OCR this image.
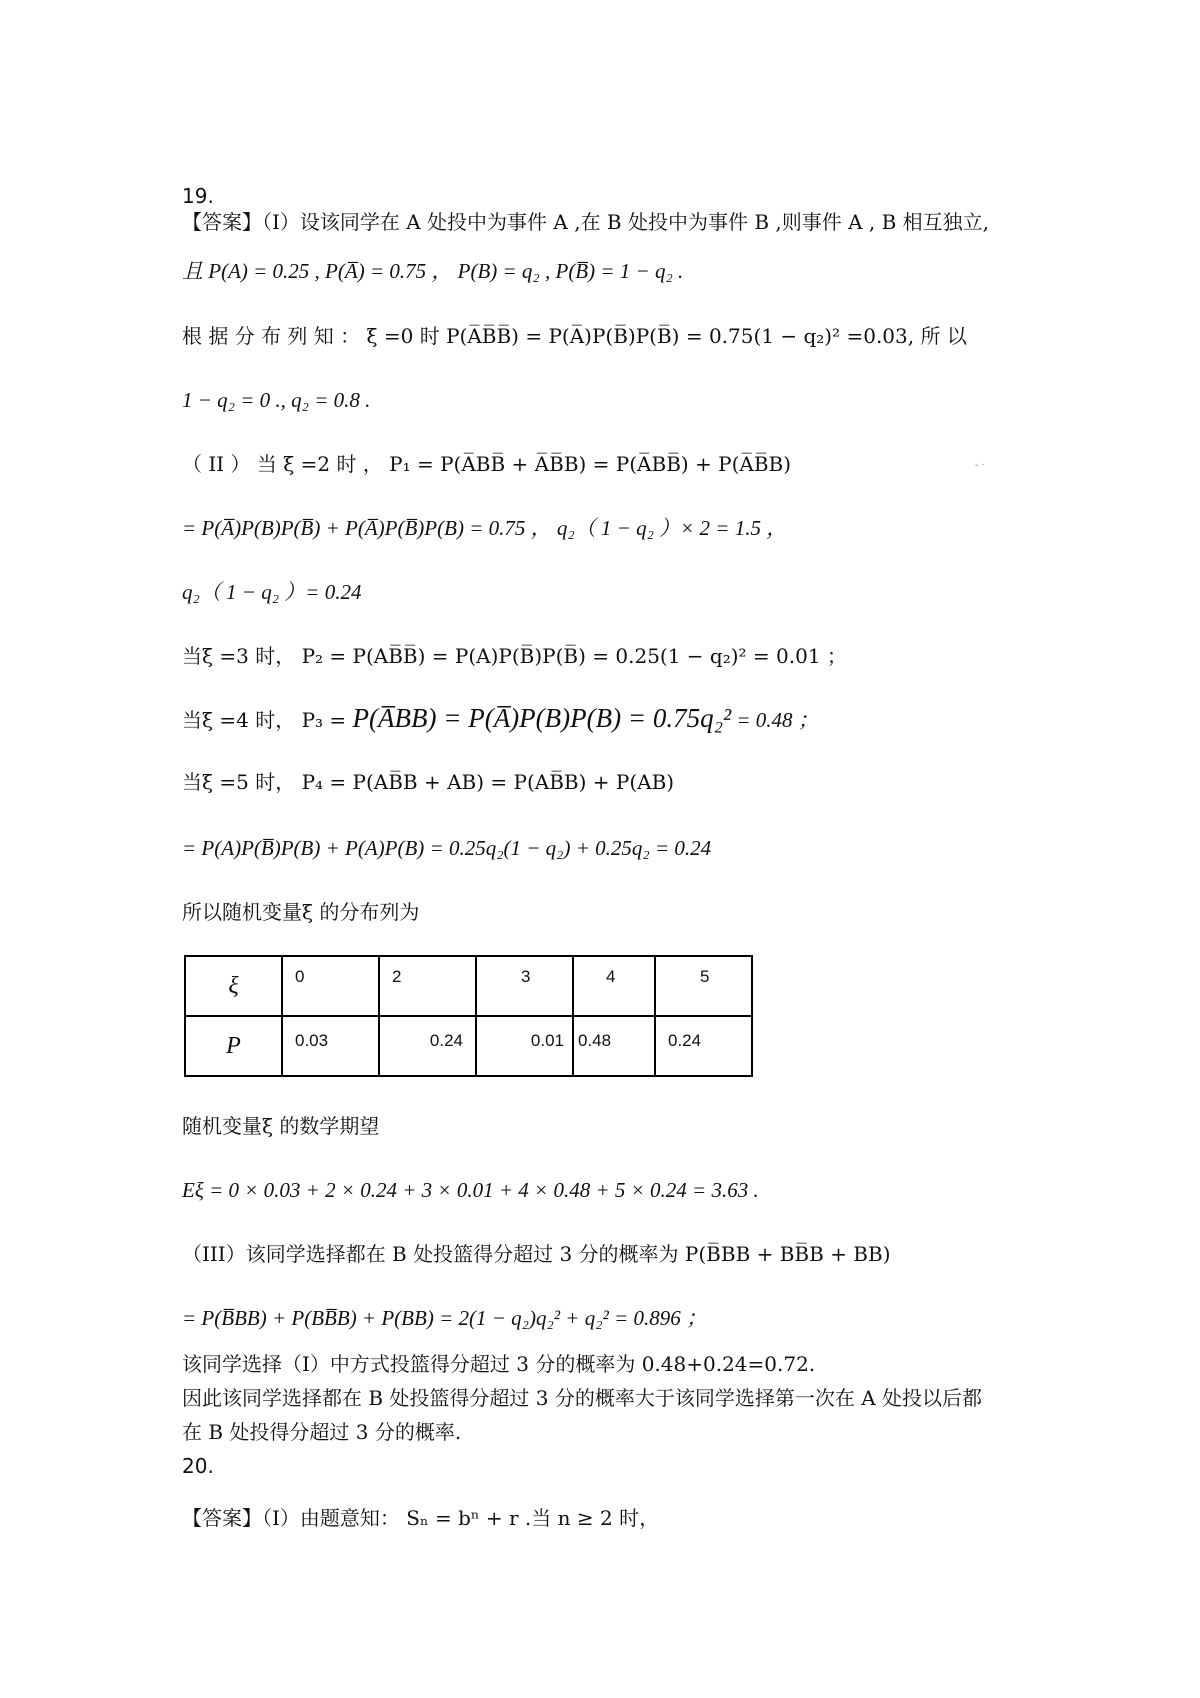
19.
【答案】（I）设该同学在 A 处投中为事件 A ,在 B 处投中为事件 B ,则事件 A , B 相互独立,
且 P(A) = 0.25 , P(A̅) = 0.75 ， P(B) = q₂ , P(B̅) = 1 − q₂ .
根 据 分 布 列 知 ： ξ =0 时 P(A̅B̅B̅) = P(A̅)P(B̅)P(B̅) = 0.75(1 − q₂)² =0.03, 所 以
1 − q₂ = 0 ., q₂ = 0.8 .
（ II ） 当 ξ =2 时 ， P₁ = P(A̅BB̅ + A̅B̅B) = P(A̅BB̅) + P(A̅B̅B)	- ·
= P(A̅)P(B)P(B̅) + P(A̅)P(B̅)P(B) = 0.75 ， q₂（ 1 − q₂ ）× 2 = 1.5 ，
q₂（ 1 − q₂ ）= 0.24
当ξ =3 时， P₂ = P(AB̅B̅) = P(A)P(B̅)P(B̅) = 0.25(1 − q₂)² = 0.01 ；
当ξ =4 时， P₃ = P(A̅BB) = P(A̅)P(B)P(B) = 0.75q₂² = 0.48 ；
当ξ =5 时， P₄ = P(AB̅B + AB) = P(AB̅B) + P(AB)
= P(A)P(B̅)P(B) + P(A)P(B) = 0.25q₂(1 − q₂) + 0.25q₂ = 0.24
所以随机变量ξ 的分布列为
ξ	0	2	3	4	5

P	0.03	0.24	0.01	0.48	0.24
随机变量ξ 的数学期望
Eξ = 0 × 0.03 + 2 × 0.24 + 3 × 0.01 + 4 × 0.48 + 5 × 0.24 = 3.63 .
（III）该同学选择都在 B 处投篮得分超过 3 分的概率为 P(B̅BB + BB̅B + BB)
= P(B̅BB) + P(BB̅B) + P(BB) = 2(1 − q₂)q₂² + q₂² = 0.896 ；
该同学选择（I）中方式投篮得分超过 3 分的概率为 0.48+0.24=0.72.
因此该同学选择都在 B 处投篮得分超过 3 分的概率大于该同学选择第一次在 A 处投以后都
在 B 处投得分超过 3 分的概率.
20.
【答案】（I）由题意知： Sₙ = bⁿ + r .当 n ≥ 2 时，
